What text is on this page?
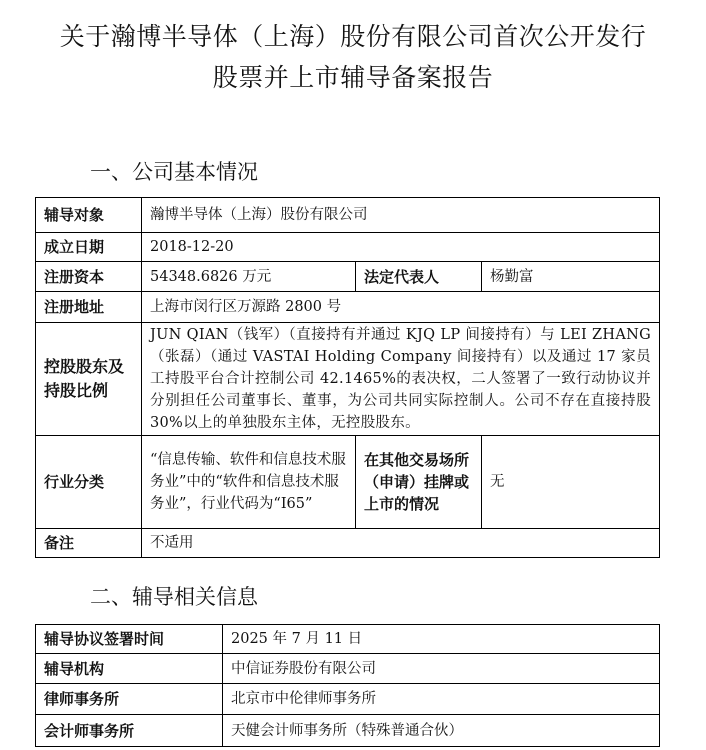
关于瀚博半导体（上海）股份有限公司首次公开发行
股票并上市辅导备案报告
一、公司基本情况
辅导对象	瀚博半导体（上海）股份有限公司		
成立日期	2018-12-20		
注册资本	54348.6826 万元	法定代表人	杨勤富
注册地址	上海市闵行区万源路 2800 号		
控股股东及持股比例	JUN QIAN（钱军）（直接持有并通过 KJQ LP 间接持有）与 LEI ZHANG（张磊）（通过 VASTAI Holding Company 间接持有）以及通过 17 家员工持股平台合计控制公司 42.1465%的表决权，二人签署了一致行动协议并分别担任公司董事长、董事，为公司共同实际控制人。公司不存在直接持股 30%以上的单独股东主体，无控股股东。		
行业分类	“信息传输、软件和信息技术服务业”中的“软件和信息技术服务业”，行业代码为“I65”	在其他交易场所（申请）挂牌或上市的情况	无
备注	不适用		
二、辅导相关信息
辅导协议签署时间	2025 年 7 月 11 日
辅导机构	中信证券股份有限公司
律师事务所	北京市中伦律师事务所
会计师事务所	天健会计师事务所（特殊普通合伙）
